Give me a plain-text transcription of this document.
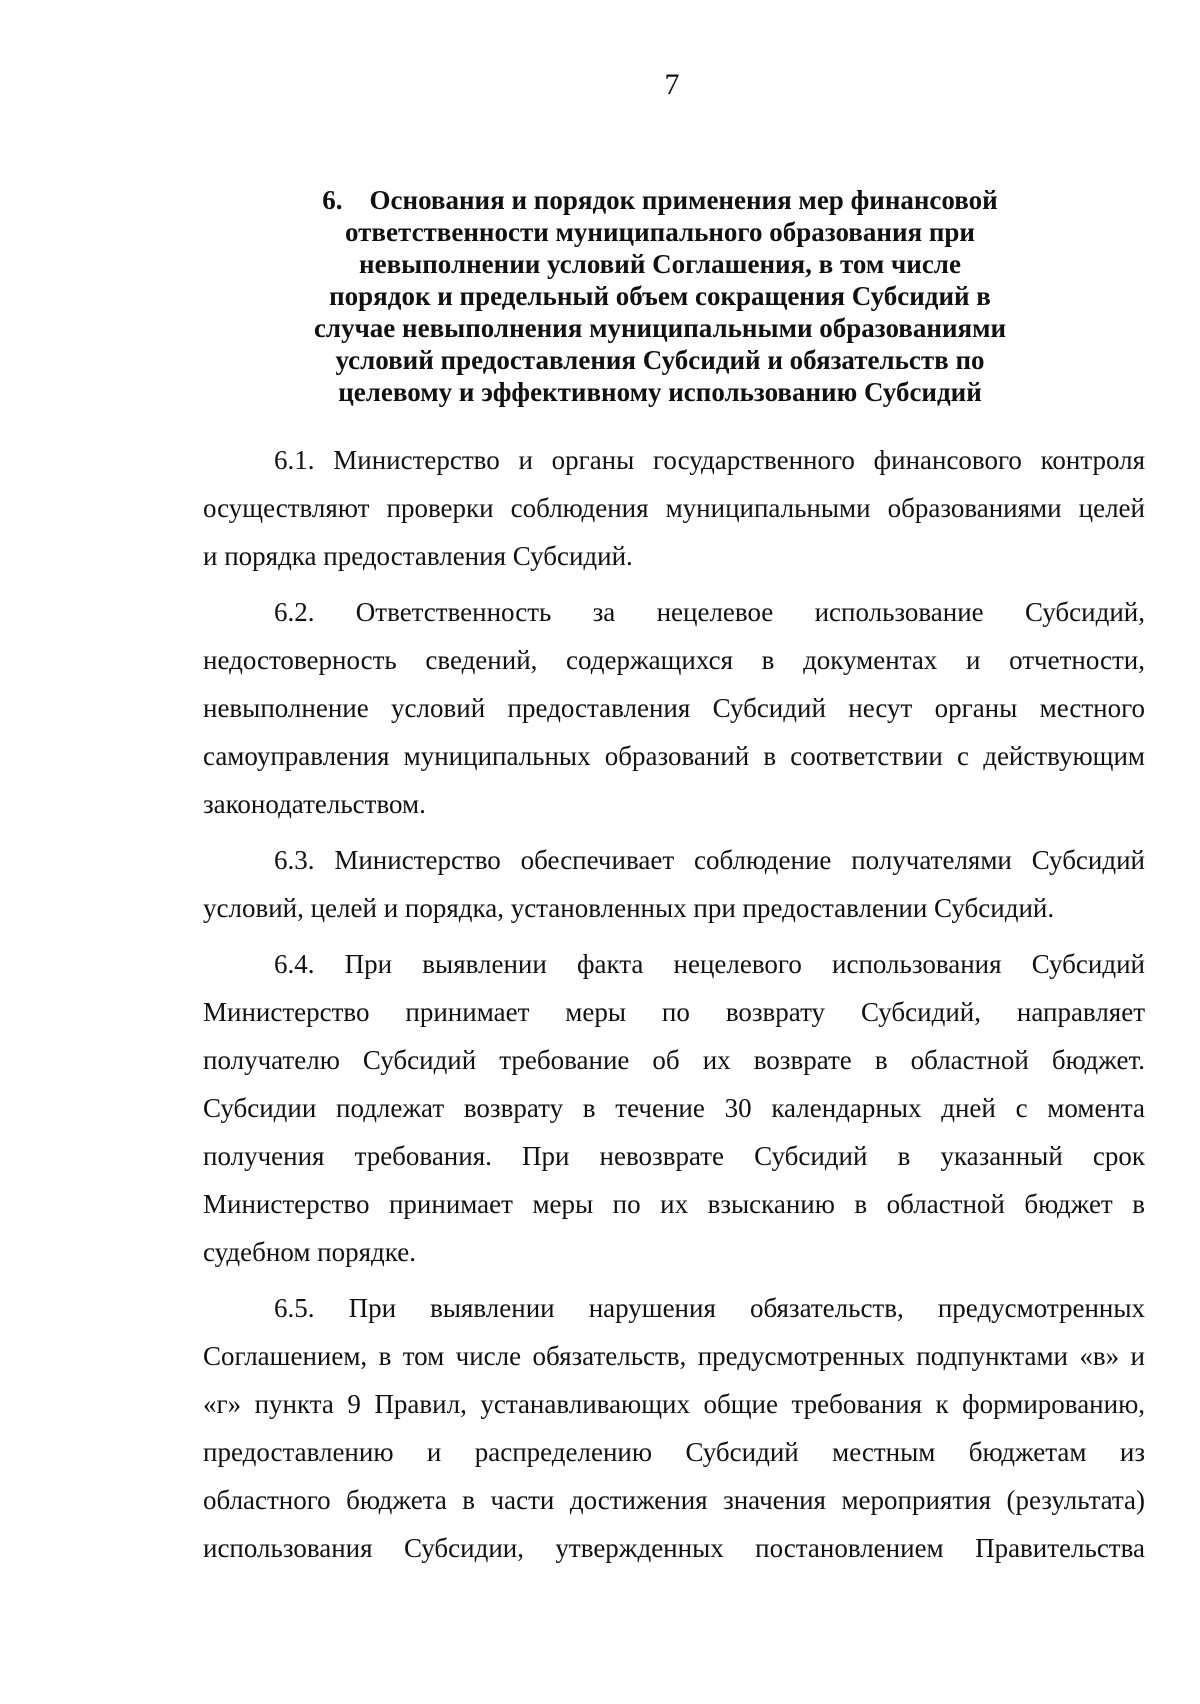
7
6.    Основания и порядок применения мер финансовой
ответственности муниципального образования при
невыполнении условий Соглашения, в том числе
порядок и предельный объем сокращения Субсидий в
случае невыполнения муниципальными образованиями
условий предоставления Субсидий и обязательств по
целевому и эффективному использованию Субсидий
6.1. Министерство и органы государственного финансового контроля
осуществляют проверки соблюдения муниципальными образованиями целей
и порядка предоставления Субсидий.
6.2. Ответственность за нецелевое использование Субсидий,
недостоверность сведений, содержащихся в документах и отчетности,
невыполнение условий предоставления Субсидий несут органы местного
самоуправления муниципальных образований в соответствии с действующим
законодательством.
6.3. Министерство обеспечивает соблюдение получателями Субсидий
условий, целей и порядка, установленных при предоставлении Субсидий.
6.4. При выявлении факта нецелевого использования Субсидий
Министерство принимает меры по возврату Субсидий, направляет
получателю Субсидий требование об их возврате в областной бюджет.
Субсидии подлежат возврату в течение 30 календарных дней с момента
получения требования. При невозврате Субсидий в указанный срок
Министерство принимает меры по их взысканию в областной бюджет в
судебном порядке.
6.5. При выявлении нарушения обязательств, предусмотренных
Соглашением, в том числе обязательств, предусмотренных подпунктами «в» и
«г» пункта 9 Правил, устанавливающих общие требования к формированию,
предоставлению и распределению Субсидий местным бюджетам из
областного бюджета в части достижения значения мероприятия (результата)
использования Субсидии, утвержденных постановлением Правительства
